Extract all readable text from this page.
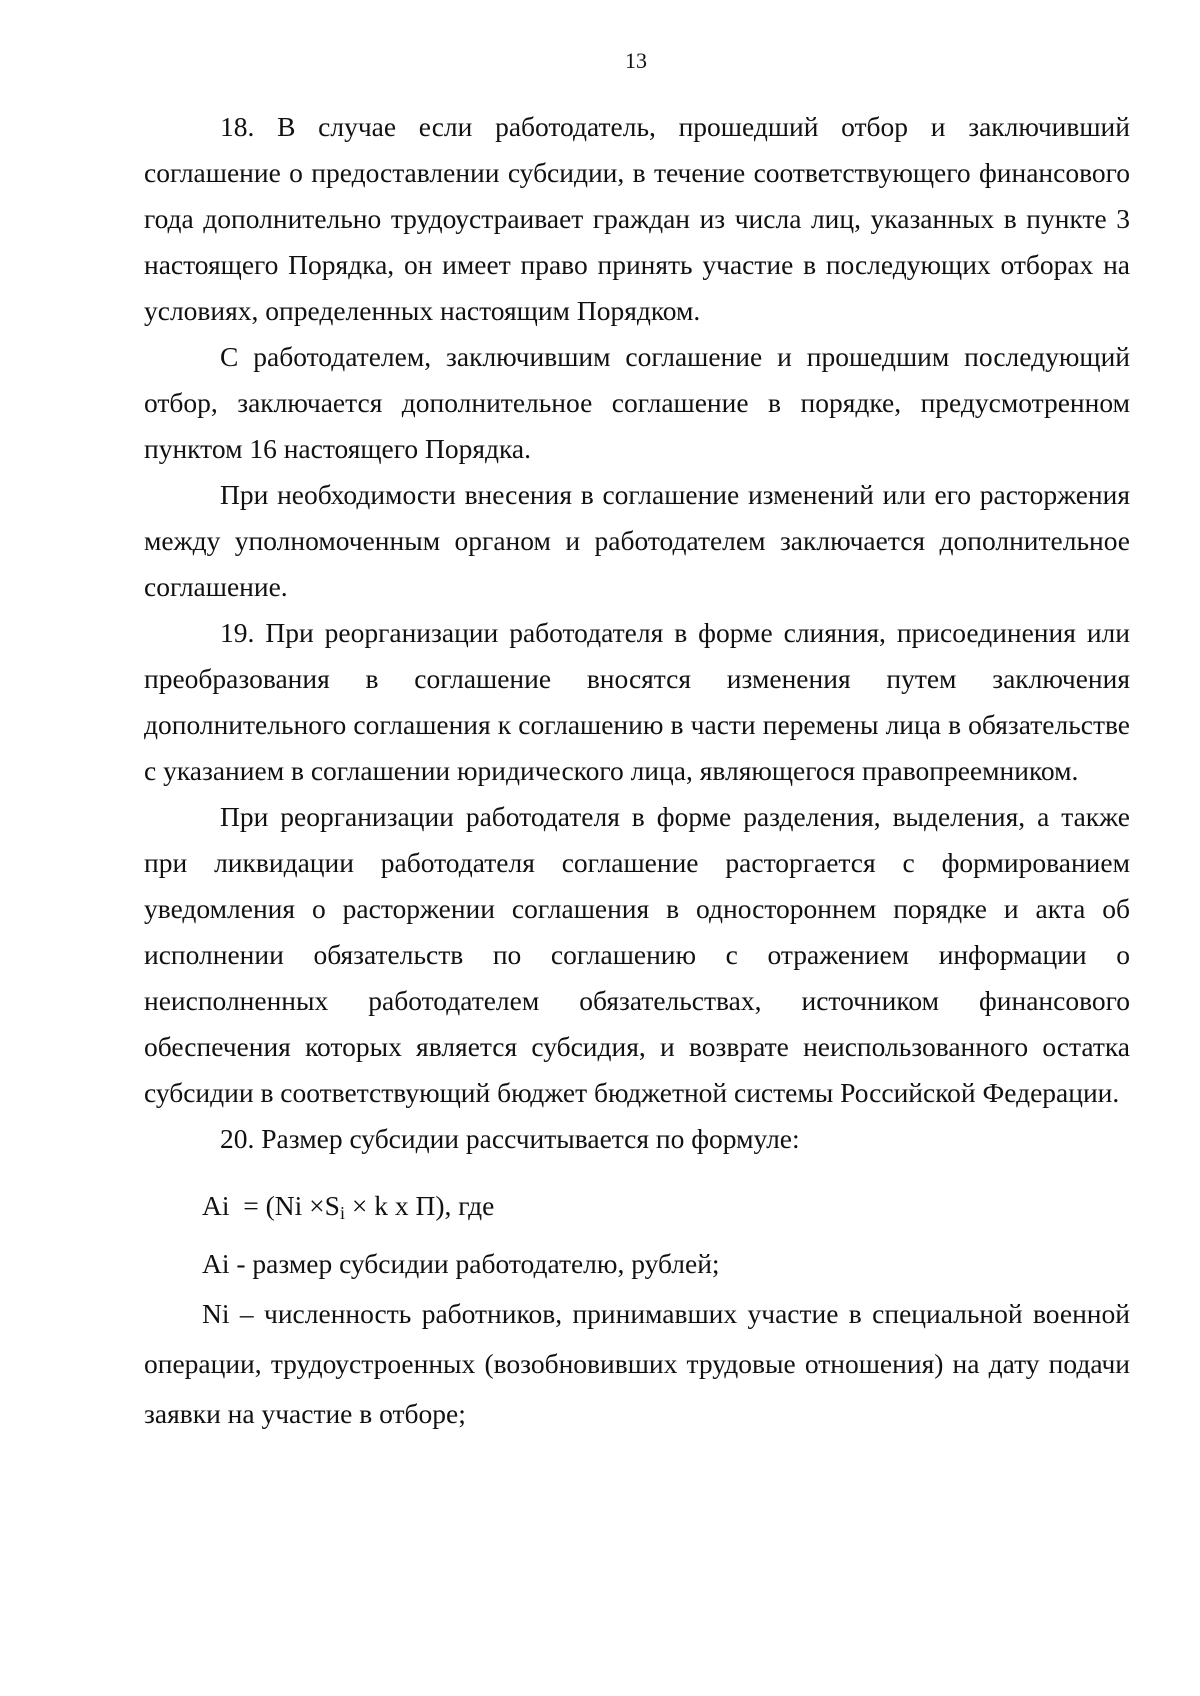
13

18. В случае если работодатель, прошедший отбор и заключивший соглашение о предоставлении субсидии, в течение соответствующего финансового года дополнительно трудоустраивает граждан из числа лиц, указанных в пункте 3 настоящего Порядка, он имеет право принять участие в последующих отборах на условиях, определенных настоящим Порядком.

С работодателем, заключившим соглашение и прошедшим последующий отбор, заключается дополнительное соглашение в порядке, предусмотренном пунктом 16 настоящего Порядка.

При необходимости внесения в соглашение изменений или его расторжения между уполномоченным органом и работодателем заключается дополнительное соглашение.

19. При реорганизации работодателя в форме слияния, присоединения или преобразования в соглашение вносятся изменения путем заключения дополнительного соглашения к соглашению в части перемены лица в обязательстве с указанием в соглашении юридического лица, являющегося правопреемником.

При реорганизации работодателя в форме разделения, выделения, а также при ликвидации работодателя соглашение расторгается с формированием уведомления о расторжении соглашения в одностороннем порядке и акта об исполнении обязательств по соглашению с отражением информации о неисполненных работодателем обязательствах, источником финансового обеспечения которых является субсидия, и возврате неиспользованного остатка субсидии в соответствующий бюджет бюджетной системы Российской Федерации.

20. Размер субсидии рассчитывается по формуле:

$Ai = (Ni \times S_i \times k$ x П), где

Ai - размер субсидии работодателю, рублей;

Ni – численность работников, принимавших участие в специальной военной операции, трудоустроенных (возобновивших трудовые отношения) на дату подачи заявки на участие в отборе;
